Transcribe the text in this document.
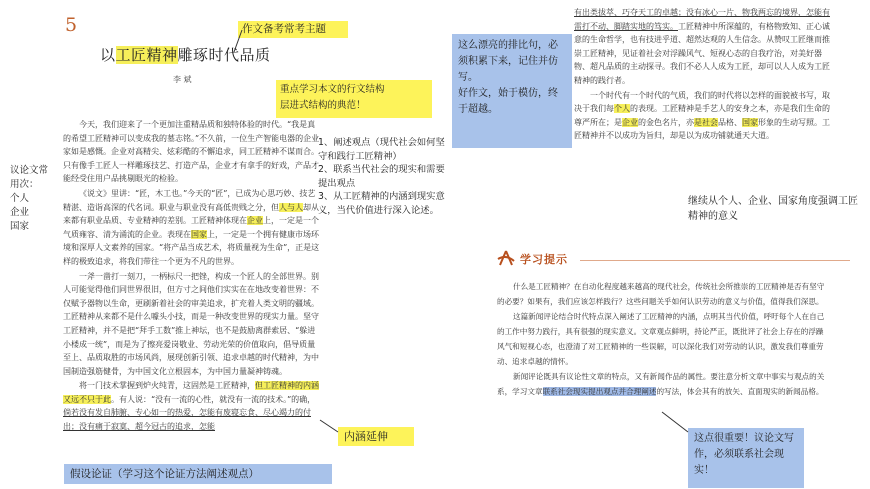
5	作文备考常考主题
以工匠精神雕琢时代品质
李 斌
重点学习本文的行文结构
层进式结构的典范！

今天，我们迎来了一个更加注重精品质和独特体验的时代。“我是真的希望工匠精神可以变成我的墓志铭。”不久前，一位生产智能电器的企业家如是感慨。企业对高精尖、炫彩酷的不懈追求，同工匠精神不谋而合。只有像手工匠人一样雕琢技艺、打造产品，企业才有拿手的好戏，产品才能经受住用户品挑剔眼光的检验。

《说文》里讲：“匠，木工也。”今天的“匠”，已成为心思巧妙、技艺精湛、造诣高深的代名词。职业与职业没有高低贵贱之分，但人与人却从来都有职业品质、专业精神的差别。工匠精神体现在企业上，一定是一个气质雍容、清为涌流的企业。表现在国家上，一定是一个拥有健康市场环境和深厚人文素养的国家。“将产品当成艺术，将质量视为生命”，正是这样的极致追求，将我们带往一个更为不凡的世界。

一斧一凿打一刻刀，一柄标尺一把锉，构成一个匠人的全部世界。别人可能觉得他们同世界很旧，但方寸之间他们实实在在地改变着世界：不仅赋予器物以生命，更刷新着社会的审美追求，扩充着人类文明的疆域。工匠精神从来都不是什么噱头小技，而是一种改变世界的现实力量。坚守工匠精神，并不是把“拜手工数”推上神坛，也不是鼓励离群索居、“躲进小楼成一统”，而是为了擦亮爱岗敬业、劳动光荣的价值取向，倡导质量至上、品质取胜的市场风尚，展现创新引领、追求卓越的时代精神，为中国制造强筋健骨，为中国文化立根固本，为中国力量凝神铸魂。

将一门技术掌握到炉火纯青，这固然是工匠精神，但工匠精神的内涵又远不只于此。有人说：“没有一流的心性，就没有一流的技术。”的确，倘若没有发自肺腑、专心如一的热爱，怎能有废寝忘食、尽心竭力的付出；没有痛于寂寞、超今冠古的追求，怎能

议论文常用次：
个人
企业
国家
1、阐述观点（现代社会如何坚守和践行工匠精神）
2、联系当代社会的现实和需要提出观点
3、从工匠精神的内涵到现实意义，当代价值进行深入论述。
内涵延伸
假设论证（学习这个论证方法阐述观点）
这么漂亮的排比句，必须积累下来，记住并仿写。
好作文，始于模仿，终于超越。

有出类拔萃、巧夺天工的卓越；没有冰心一片、物我两忘的境界，怎能有雷打不动、脚踏实地的笃实。工匠精神中所深蕴的，有格物致知、正心诚意的生命哲学，也有技进乎道、超然达观的人生信念。从赞叹工匠继而推崇工匠精神，见证着社会对浮躁风气、短视心态的自我疗治，对美好器物、超凡品质的主动探寻。我们不必人人成为工匠，却可以人人成为工匠精神的践行者。

一个时代有一个时代的气质，我们的时代将以怎样的面貌被书写，取决于我们每个人的表现。工匠精神是手艺人的安身之本，亦是我们生命的尊严所在；是企业的金色名片，亦是社会品格、国家形象的生动写照。工匠精神并不以成功为旨归，却是以为成功铺就通天大道。

继续从个人、企业、国家角度强调工匠精神的意义
学习提示

什么是工匠精神？在自动化程度越来越高的现代社会，传统社会所推崇的工匠精神是否有坚守的必要？如果有，我们应该怎样践行？这些问题关乎如何认识劳动的意义与价值，值得我们深思。

这篇新闻评论结合时代特点深入阐述了工匠精神的内涵，点明其当代价值，呼吁每个人在自己的工作中努力践行，具有很强的现实意义。文章观点鲜明，持论严正，既批评了社会上存在的浮躁风气和短视心态，也澄清了对工匠精神的一些误解，可以深化我们对劳动的认识，激发我们尊重劳动、追求卓越的情怀。

新闻评论既具有议论性文章的特点，又有新闻作品的属性。要注意分析文章中事实与观点的关系，学习文章联系社会现实提出观点并合理阐述的写法，体会其有的放矢、直面现实的新闻品格。

这点很重要！议论文写作，必须联系社会现实！
